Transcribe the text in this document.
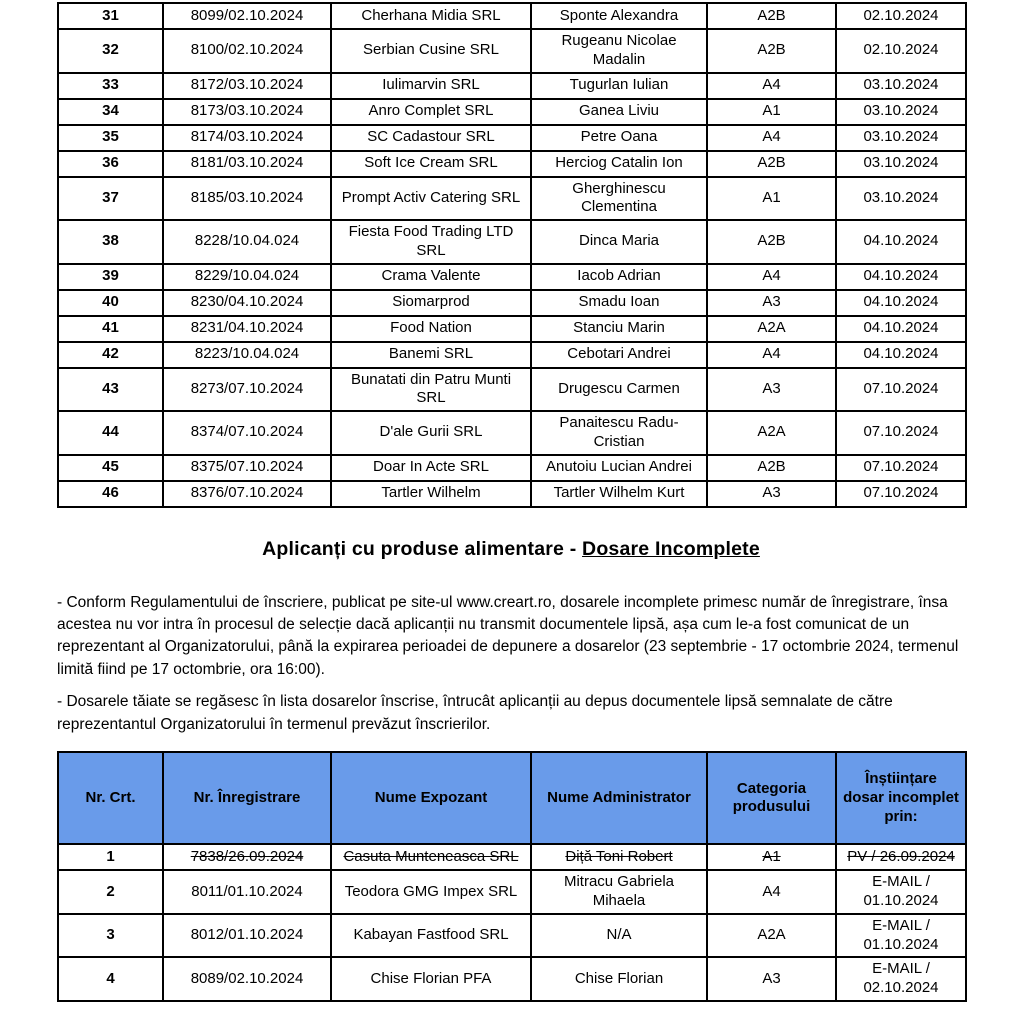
31	8099/02.10.2024	Cherhana Midia SRL	Sponte Alexandra	A2B	02.10.2024
32	8100/02.10.2024	Serbian Cusine SRL	Rugeanu Nicolae Madalin	A2B	02.10.2024
33	8172/03.10.2024	Iulimarvin SRL	Tugurlan Iulian	A4	03.10.2024
34	8173/03.10.2024	Anro Complet SRL	Ganea Liviu	A1	03.10.2024
35	8174/03.10.2024	SC Cadastour SRL	Petre Oana	A4	03.10.2024
36	8181/03.10.2024	Soft Ice Cream SRL	Herciog Catalin Ion	A2B	03.10.2024
37	8185/03.10.2024	Prompt Activ Catering SRL	Gherghinescu Clementina	A1	03.10.2024
38	8228/10.04.024	Fiesta Food Trading LTD SRL	Dinca Maria	A2B	04.10.2024
39	8229/10.04.024	Crama Valente	Iacob Adrian	A4	04.10.2024
40	8230/04.10.2024	Siomarprod	Smadu Ioan	A3	04.10.2024
41	8231/04.10.2024	Food Nation	Stanciu Marin	A2A	04.10.2024
42	8223/10.04.024	Banemi SRL	Cebotari Andrei	A4	04.10.2024
43	8273/07.10.2024	Bunatati din Patru Munti SRL	Drugescu Carmen	A3	07.10.2024
44	8374/07.10.2024	D'ale Gurii SRL	Panaitescu Radu-Cristian	A2A	07.10.2024
45	8375/07.10.2024	Doar In Acte SRL	Anutoiu Lucian Andrei	A2B	07.10.2024
46	8376/07.10.2024	Tartler Wilhelm	Tartler Wilhelm Kurt	A3	07.10.2024
Aplicanți cu produse alimentare - Dosare Incomplete

- Conform Regulamentului de înscriere, publicat pe site-ul www.creart.ro, dosarele incomplete primesc număr de înregistrare, însa acestea nu vor intra în procesul de selecție dacă aplicanții nu transmit documentele lipsă, așa cum le-a fost comunicat de un reprezentant al Organizatorului, până la expirarea perioadei de depunere a dosarelor (23 septembrie - 17 octombrie 2024, termenul limită fiind pe 17 octombrie, ora 16:00).

- Dosarele tăiate se regăsesc în lista dosarelor înscrise, întrucât aplicanții au depus documentele lipsă semnalate de către reprezentantul Organizatorului în termenul prevăzut înscrierilor.

Nr. Crt.	Nr. Înregistrare	Nume Expozant	Nume Administrator	Categoria produsului	Înștiințare dosar incomplet prin:
1	7838/26.09.2024	Casuta Munteneasca SRL	Diță Toni Robert	A1	PV / 26.09.2024
2	8011/01.10.2024	Teodora GMG Impex SRL	Mitracu Gabriela Mihaela	A4	E-MAIL / 01.10.2024
3	8012/01.10.2024	Kabayan Fastfood SRL	N/A	A2A	E-MAIL / 01.10.2024
4	8089/02.10.2024	Chise Florian PFA	Chise Florian	A3	E-MAIL / 02.10.2024
